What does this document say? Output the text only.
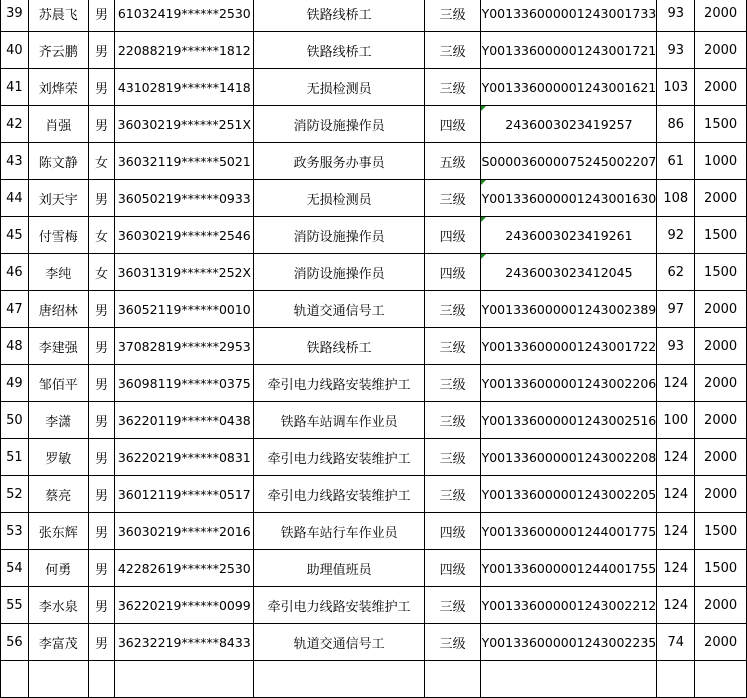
39	苏晨飞	男	61032419******2530	铁路线桥工	三级	Y001336000001243001733	93	2000
40	齐云鹏	男	22088219******1812	铁路线桥工	三级	Y001336000001243001721	93	2000
41	刘烨荣	男	43102819******1418	无损检测员	三级	Y001336000001243001621	103	2000
42	肖强	男	36030219******251X	消防设施操作员	四级	2436003023419257	86	1500
43	陈文静	女	36032119******5021	政务服务办事员	五级	S000036000075245002207	61	1000
44	刘天宇	男	36050219******0933	无损检测员	三级	Y001336000001243001630	108	2000
45	付雪梅	女	36030219******2546	消防设施操作员	四级	2436003023419261	92	1500
46	李纯	女	36031319******252X	消防设施操作员	四级	2436003023412045	62	1500
47	唐绍林	男	36052119******0010	轨道交通信号工	三级	Y001336000001243002389	97	2000
48	李建强	男	37082819******2953	铁路线桥工	三级	Y001336000001243001722	93	2000
49	邹佰平	男	36098119******0375	牵引电力线路安装维护工	三级	Y001336000001243002206	124	2000
50	李潇	男	36220119******0438	铁路车站调车作业员	三级	Y001336000001243002516	100	2000
51	罗敏	男	36220219******0831	牵引电力线路安装维护工	三级	Y001336000001243002208	124	2000
52	蔡亮	男	36012119******0517	牵引电力线路安装维护工	三级	Y001336000001243002205	124	2000
53	张东辉	男	36030219******2016	铁路车站行车作业员	四级	Y001336000001244001775	124	1500
54	何勇	男	42282619******2530	助理值班员	四级	Y001336000001244001755	124	1500
55	李水泉	男	36220219******0099	牵引电力线路安装维护工	三级	Y001336000001243002212	124	2000
56	李富茂	男	36232219******8433	轨道交通信号工	三级	Y001336000001243002235	74	2000
